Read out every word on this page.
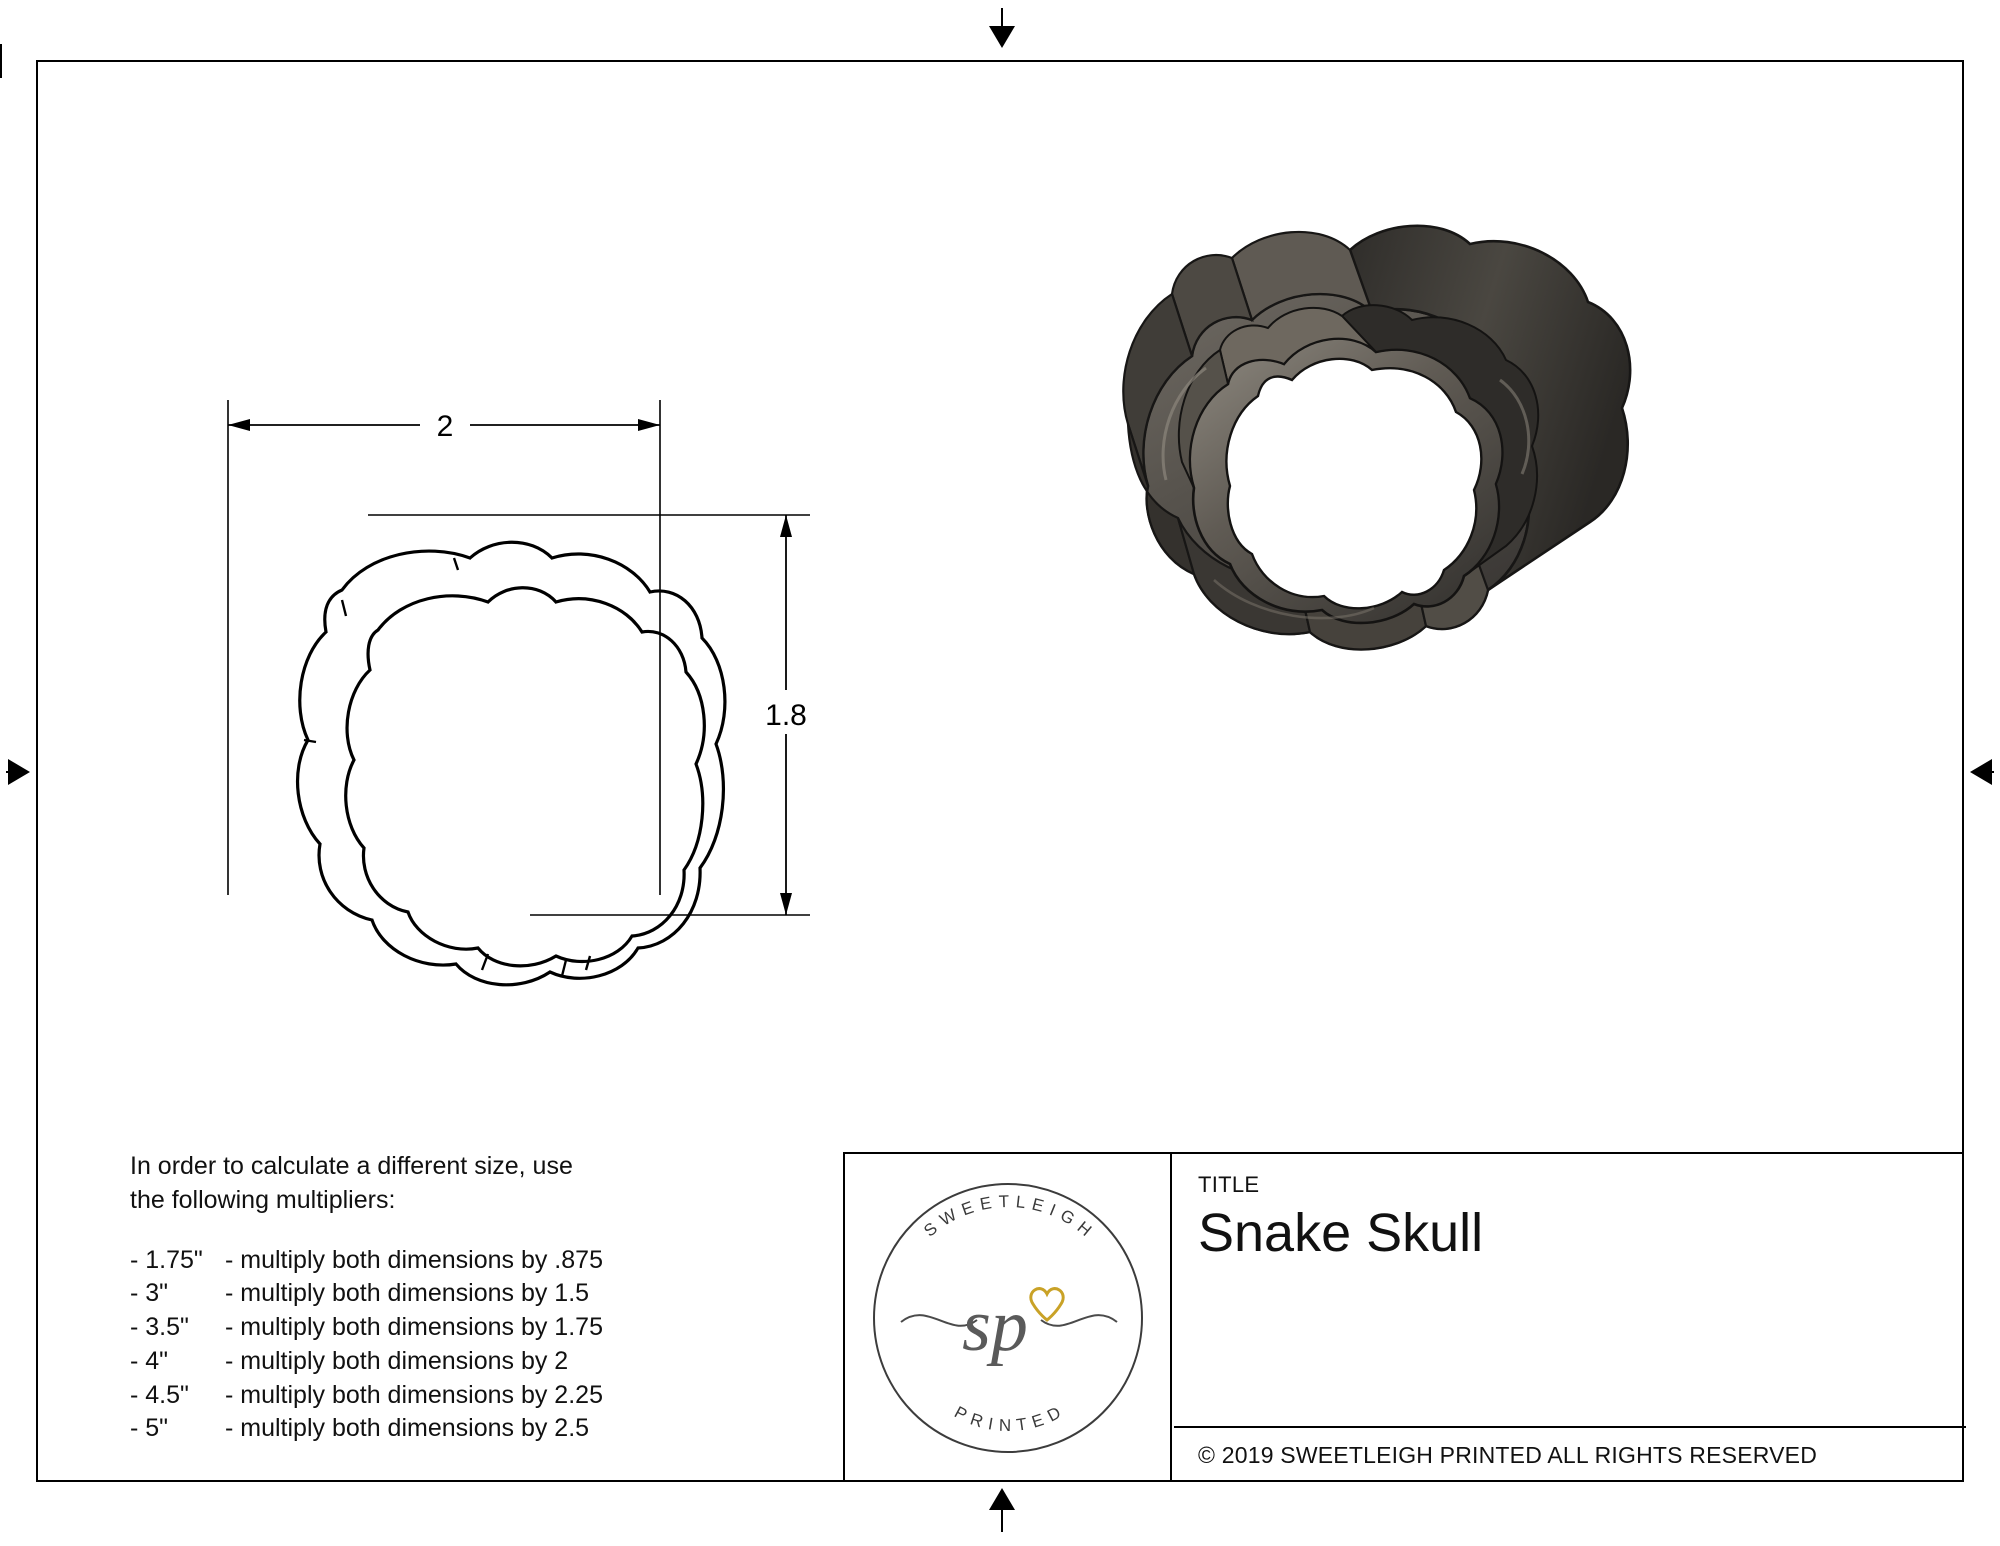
2
1.8
In order to calculate a different size, use
the following multipliers:
- 1.75" - multiply both dimensions by .875
- 3"	- multiply both dimensions by 1.5
- 3.5"	- multiply both dimensions by 1.75
- 4"	- multiply both dimensions by 2
- 4.5"	- multiply both dimensions by 2.25
- 5"	- multiply both dimensions by 2.5
S W E E T L E I G H
P R I N T E D
sp
TITLE
Snake Skull
© 2019 SWEETLEIGH PRINTED ALL RIGHTS RESERVED
